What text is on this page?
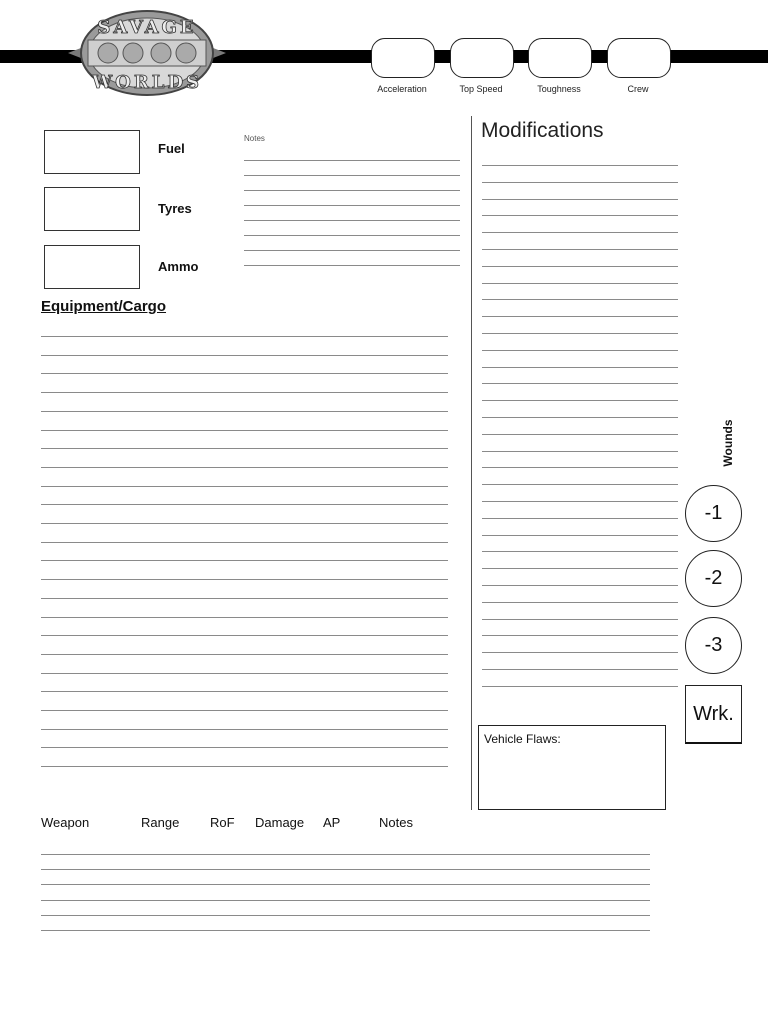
SAVAGE
WORLDS	Acceleration	Top Speed	Toughness	Crew
Fuel
Tyres
Ammo
Notes
Equipment/Cargo
Modifications
Wounds
-1
-2
-3
Wrk.
Vehicle Flaws:
Weapon	Range RoF Damage AP	Notes
